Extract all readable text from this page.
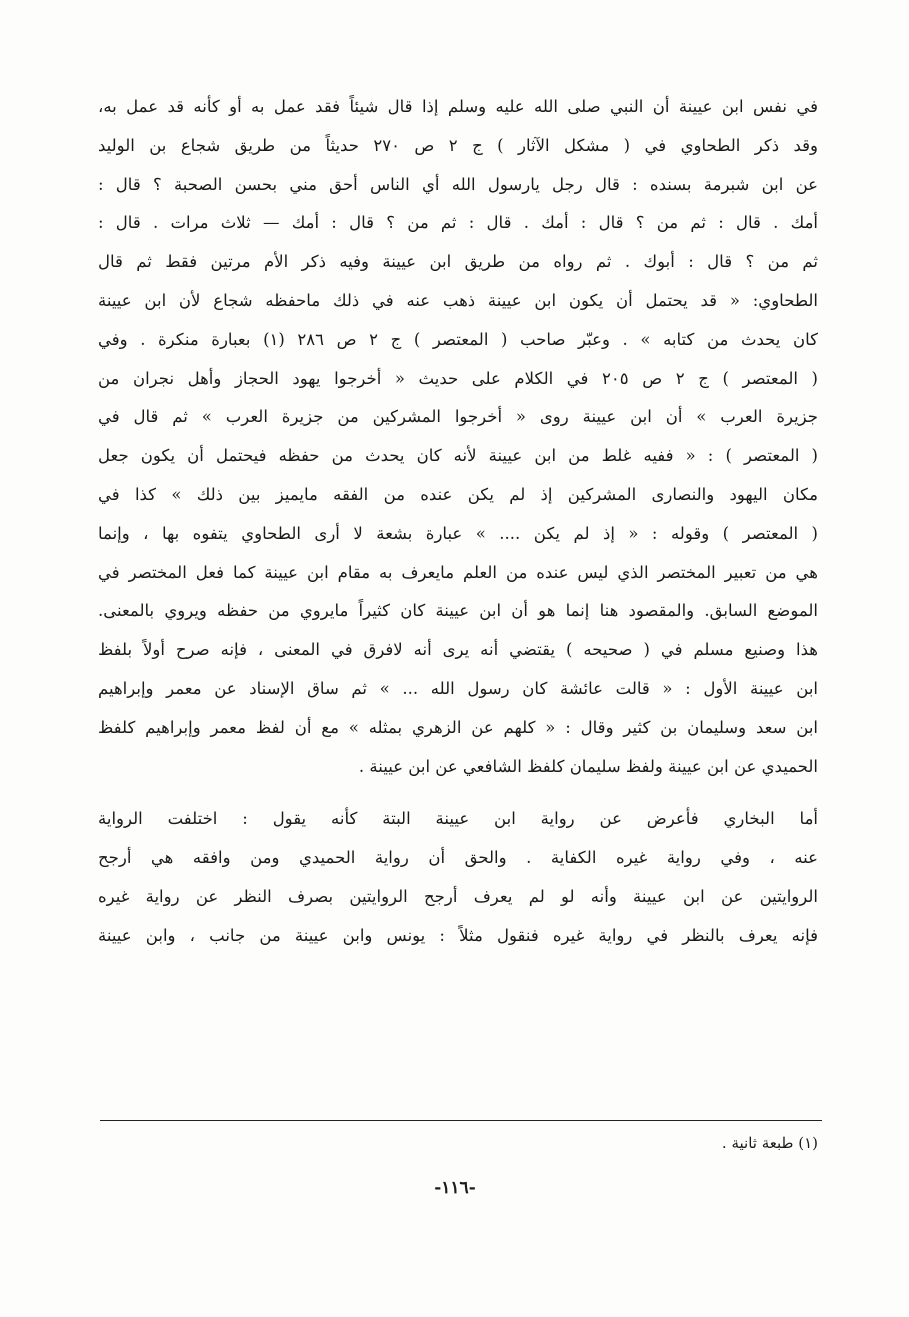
في نفس ابن عيينة أن النبي صلى الله عليه وسلم إذا قال شيئاً فقد عمل به أو كأنه قد عمل به،
وقد ذكر الطحاوي في ( مشكل الآثار ) ج ٢ ص ٢٧٠ حديثاً من طريق شجاع بن الوليد
عن ابن شبرمة بسنده : قال رجل يارسول الله أي الناس أحق مني بحسن الصحبة ؟ قال :
أمك . قال : ثم من ؟ قال : أمك . قال : ثم من ؟ قال : أمك — ثلاث مرات . قال :
ثم من ؟ قال : أبوك . ثم رواه من طريق ابن عيينة وفيه ذكر الأم مرتين فقط ثم قال
الطحاوي: « قد يحتمل أن يكون ابن عيينة ذهب عنه في ذلك ماحفظه شجاع لأن ابن عيينة
كان يحدث من كتابه » . وعبّر صاحب ( المعتصر ) ج ٢ ص ٢٨٦ (١) بعبارة منكرة . وفي
( المعتصر ) ج ٢ ص ٢٠٥ في الكلام على حديث « أخرجوا يهود الحجاز وأهل نجران من
جزيرة العرب » أن ابن عيينة روى « أخرجوا المشركين من جزيرة العرب » ثم قال في
( المعتصر ) : « ففيه غلط من ابن عيينة لأنه كان يحدث من حفظه فيحتمل أن يكون جعل
مكان اليهود والنصارى المشركين إذ لم يكن عنده من الفقه مايميز بين ذلك » كذا في
( المعتصر ) وقوله : « إذ لم يكن .... » عبارة بشعة لا أرى الطحاوي يتفوه بها ، وإنما
هي من تعبير المختصر الذي ليس عنده من العلم مايعرف به مقام ابن عيينة كما فعل المختصر في
الموضع السابق. والمقصود هنا إنما هو أن ابن عيينة كان كثيراً مايروي من حفظه ويروي بالمعنى.
هذا وصنيع مسلم في ( صحيحه ) يقتضي أنه يرى أنه لافرق في المعنى ، فإنه صرح أولاً بلفظ
ابن عيينة الأول : « قالت عائشة كان رسول الله ... » ثم ساق الإسناد عن معمر وإبراهيم
ابن سعد وسليمان بن كثير وقال : « كلهم عن الزهري بمثله » مع أن لفظ معمر وإبراهيم كلفظ
الحميدي عن ابن عيينة ولفظ سليمان كلفظ الشافعي عن ابن عيينة .
أما البخاري فأعرض عن رواية ابن عيينة البتة كأنه يقول : اختلفت الرواية
عنه ، وفي رواية غيره الكفاية . والحق أن رواية الحميدي ومن وافقه هي أرجح
الروايتين عن ابن عيينة وأنه لو لم يعرف أرجح الروايتين بصرف النظر عن رواية غيره
فإنه يعرف بالنظر في رواية غيره فنقول مثلاً : يونس وابن عيينة من جانب ، وابن عيينة
(١) طبعة ثانية .
-١١٦-
